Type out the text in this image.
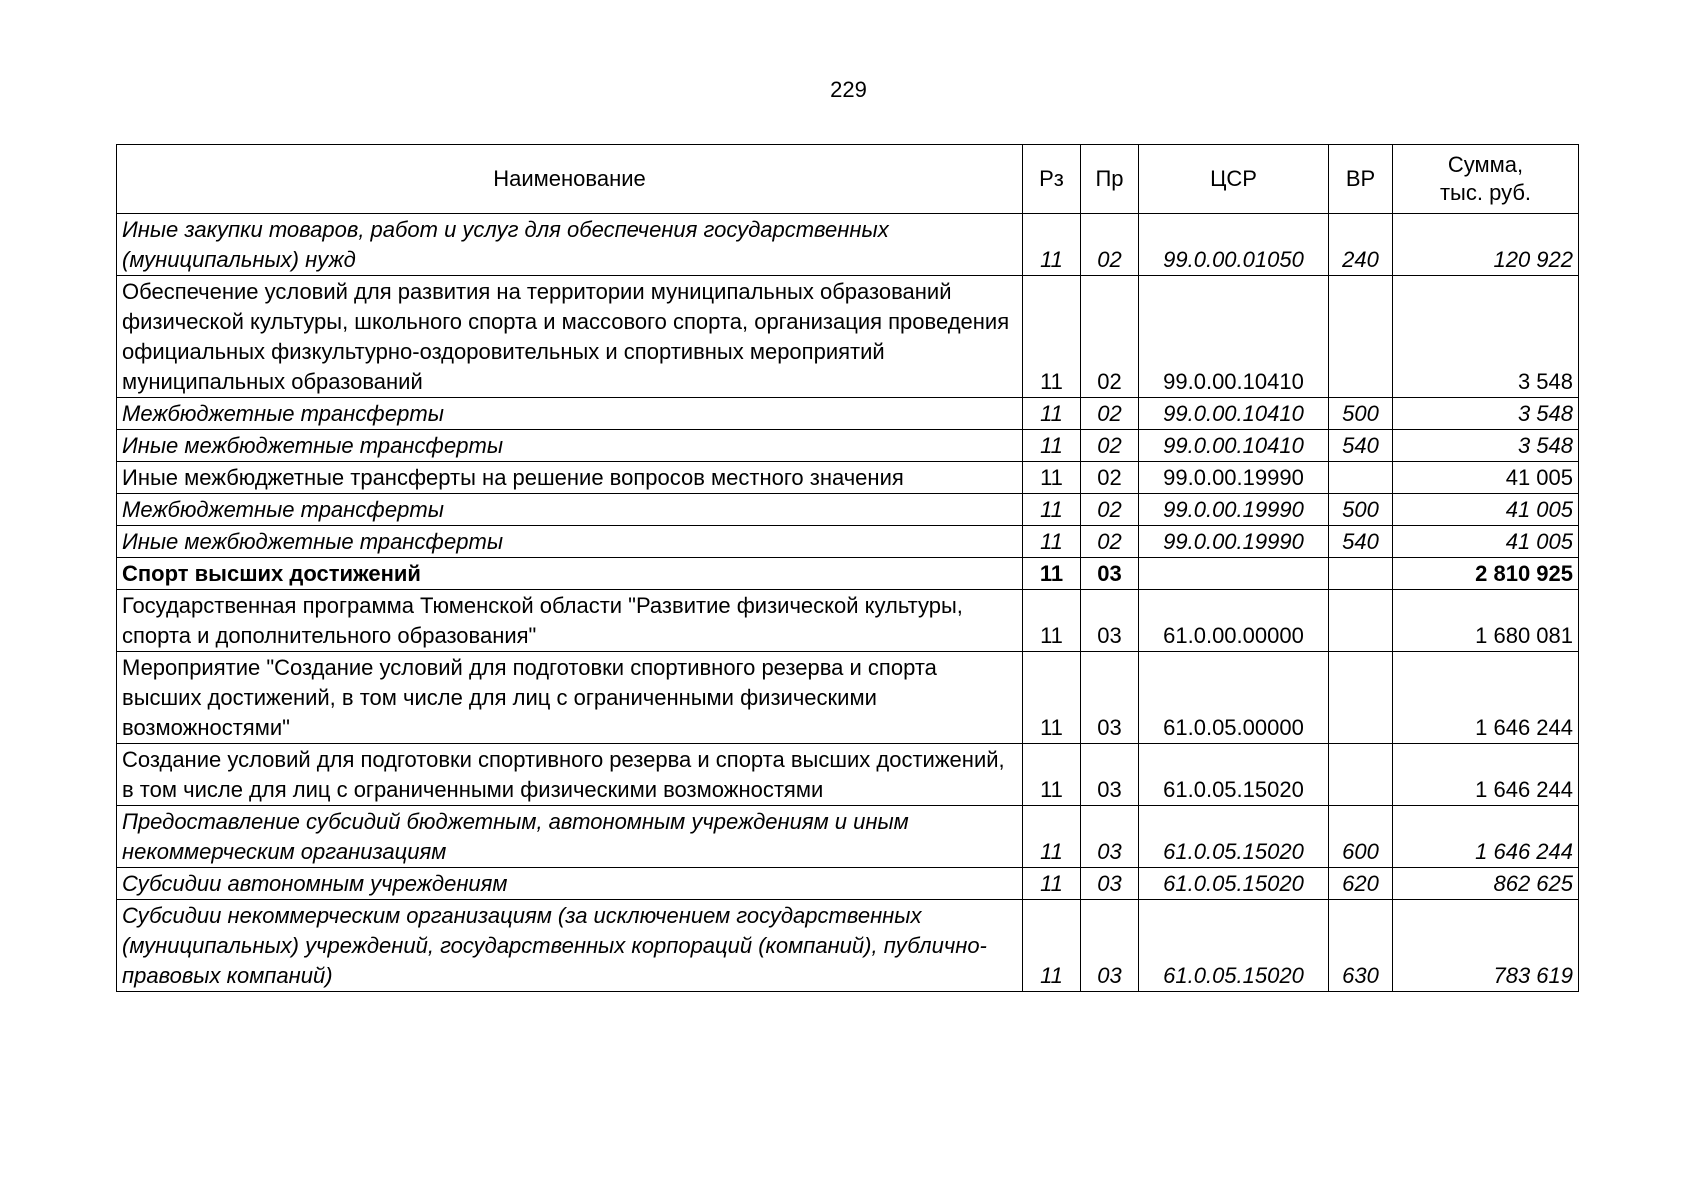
229
Наименование	Рз	Пр	ЦСР	ВР	Сумма,
тыс. руб.
Иные закупки товаров, работ и услуг для обеспечения государственных (муниципальных) нужд	11	02	99.0.00.01050	240	120 922
Обеспечение условий для развития на территории муниципальных образований физической культуры, школьного спорта и массового спорта, организация проведения официальных физкультурно-оздоровительных и спортивных мероприятий муниципальных образований	11	02	99.0.00.10410		3 548
Межбюджетные трансферты	11	02	99.0.00.10410	500	3 548
Иные межбюджетные трансферты	11	02	99.0.00.10410	540	3 548
Иные межбюджетные трансферты на решение вопросов местного значения	11	02	99.0.00.19990		41 005
Межбюджетные трансферты	11	02	99.0.00.19990	500	41 005
Иные межбюджетные трансферты	11	02	99.0.00.19990	540	41 005
Спорт высших достижений	11	03			2 810 925
Государственная программа Тюменской области "Развитие физической культуры, спорта и дополнительного образования"	11	03	61.0.00.00000		1 680 081
Мероприятие "Создание условий для подготовки спортивного резерва и спорта высших достижений, в том числе для лиц с ограниченными физическими возможностями"	11	03	61.0.05.00000		1 646 244
Создание условий для подготовки спортивного резерва и спорта высших достижений, в том числе для лиц с ограниченными физическими возможностями	11	03	61.0.05.15020		1 646 244
Предоставление субсидий бюджетным, автономным учреждениям и иным некоммерческим организациям	11	03	61.0.05.15020	600	1 646 244
Субсидии автономным учреждениям	11	03	61.0.05.15020	620	862 625
Субсидии некоммерческим организациям (за исключением государственных (муниципальных) учреждений, государственных корпораций (компаний), публично-правовых компаний)	11	03	61.0.05.15020	630	783 619
